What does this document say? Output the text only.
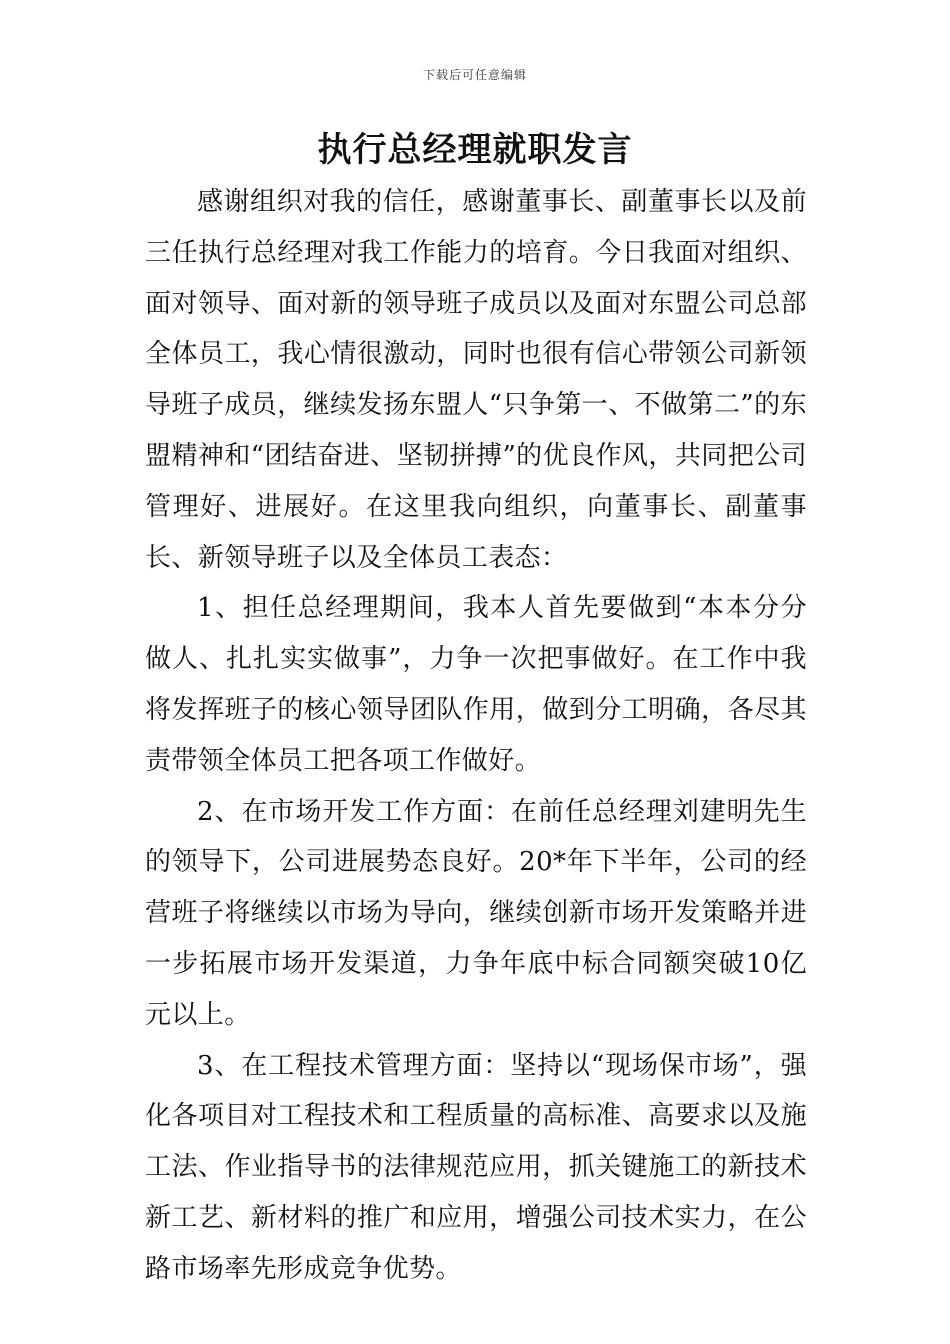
下载后可任意编辑
执行总经理就职发言

感谢组织对我的信任，感谢董事长、副董事长以及前三任执行总经理对我工作能力的培育。今日我面对组织、面对领导、面对新的领导班子成员以及面对东盟公司总部全体员工，我心情很激动，同时也很有信心带领公司新领导班子成员，继续发扬东盟人“只争第一、不做第二”的东盟精神和“团结奋进、坚韧拼搏”的优良作风，共同把公司管理好、进展好。在这里我向组织，向董事长、副董事长、新领导班子以及全体员工表态：

1、担任总经理期间，我本人首先要做到“本本分分做人、扎扎实实做事”，力争一次把事做好。在工作中我将发挥班子的核心领导团队作用，做到分工明确，各尽其责带领全体员工把各项工作做好。

2、在市场开发工作方面：在前任总经理刘建明先生的领导下，公司进展势态良好。20*年下半年，公司的经营班子将继续以市场为导向，继续创新市场开发策略并进一步拓展市场开发渠道，力争年底中标合同额突破10亿元以上。

3、在工程技术管理方面：坚持以“现场保市场”，强化各项目对工程技术和工程质量的高标准、高要求以及施工法、作业指导书的法律规范应用，抓关键施工的新技术新工艺、新材料的推广和应用，增强公司技术实力，在公路市场率先形成竞争优势。
